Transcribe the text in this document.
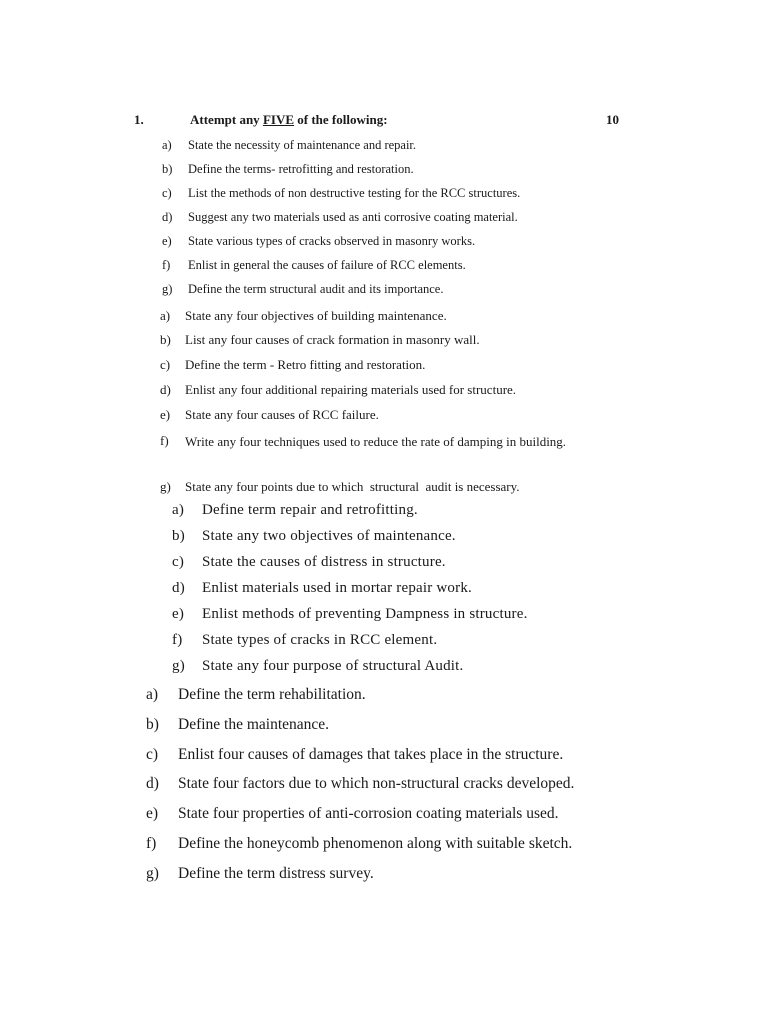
1.	Attempt any FIVE of the following:	10
a) State the necessity of maintenance and repair.
b) Define the terms- retrofitting and restoration.
c) List the methods of non destructive testing for the RCC structures.
d) Suggest any two materials used as anti corrosive coating material.
e) State various types of cracks observed in masonry works.
f) Enlist in general the causes of failure of RCC elements.
g) Define the term structural audit and its importance.
a) State any four objectives of building maintenance.
b) List any four causes of crack formation in masonry wall.
c) Define the term - Retro fitting and restoration.
d) Enlist any four additional repairing materials used for structure.
e) State any four causes of RCC failure.
f) Write any four techniques used to reduce the rate of damping in building.
g) State any four points due to which  structural  audit is necessary.
a) Define term repair and retrofitting.
b) State any two objectives of maintenance.
c) State the causes of distress in structure.
d) Enlist materials used in mortar repair work.
e) Enlist methods of preventing Dampness in structure.
f) State types of cracks in RCC element.
g) State any four purpose of structural Audit.
a) Define the term rehabilitation.
b) Define the maintenance.
c) Enlist four causes of damages that takes place in the structure.
d) State four factors due to which non-structural cracks developed.
e) State four properties of anti-corrosion coating materials used.
f) Define the honeycomb phenomenon along with suitable sketch.
g) Define the term distress survey.
